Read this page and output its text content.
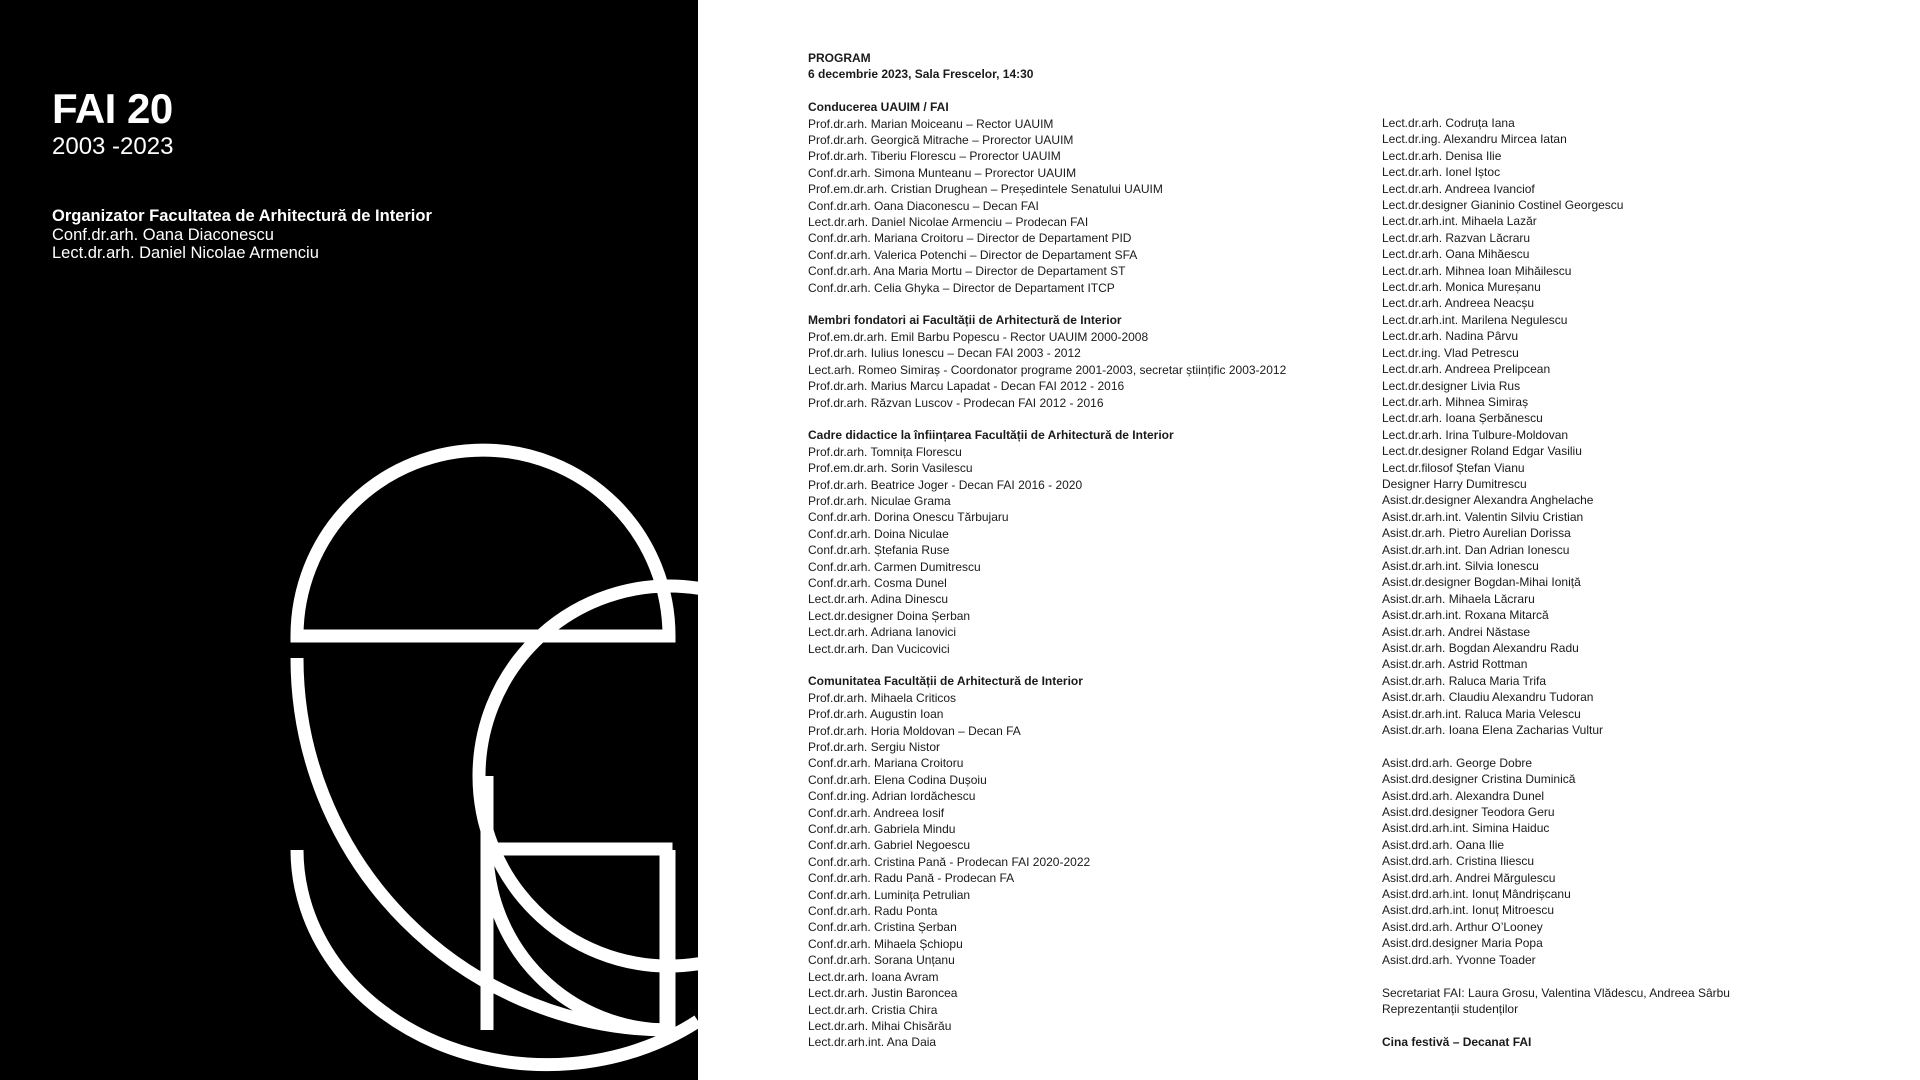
FAI 20
2003 -2023
Organizator Facultatea de Arhitectură de Interior
Conf.dr.arh. Oana Diaconescu
Lect.dr.arh. Daniel Nicolae Armenciu
PROGRAM
6 decembrie 2023, Sala Frescelor, 14:30
Conducerea UAUIM / FAI
Prof.dr.arh. Marian Moiceanu – Rector UAUIM
Prof.dr.arh. Georgică Mitrache – Prorector UAUIM
Prof.dr.arh. Tiberiu Florescu – Prorector UAUIM
Conf.dr.arh. Simona Munteanu – Prorector UAUIM
Prof.em.dr.arh. Cristian Drughean – Președintele Senatului UAUIM
Conf.dr.arh. Oana Diaconescu – Decan FAI
Lect.dr.arh. Daniel Nicolae Armenciu – Prodecan FAI
Conf.dr.arh. Mariana Croitoru – Director de Departament PID
Conf.dr.arh. Valerica Potenchi – Director de Departament SFA
Conf.dr.arh. Ana Maria Mortu – Director de Departament ST
Conf.dr.arh. Celia Ghyka – Director de Departament ITCP
Membri fondatori ai Facultății de Arhitectură de Interior
Prof.em.dr.arh. Emil Barbu Popescu - Rector UAUIM 2000-2008
Prof.dr.arh. Iulius Ionescu – Decan FAI 2003 - 2012
Lect.arh. Romeo Simiraș - Coordonator programe 2001-2003, secretar științific 2003-2012
Prof.dr.arh. Marius Marcu Lapadat - Decan FAI 2012 - 2016
Prof.dr.arh. Răzvan Luscov - Prodecan FAI 2012 - 2016
Cadre didactice la înființarea Facultății de Arhitectură de Interior
Prof.dr.arh. Tomnița Florescu
Prof.em.dr.arh. Sorin Vasilescu
Prof.dr.arh. Beatrice Joger - Decan FAI 2016 - 2020
Prof.dr.arh. Niculae Grama
Conf.dr.arh. Dorina Onescu Tărbujaru
Conf.dr.arh. Doina Niculae
Conf.dr.arh. Ștefania Ruse
Conf.dr.arh. Carmen Dumitrescu
Conf.dr.arh. Cosma Dunel
Lect.dr.arh. Adina Dinescu
Lect.dr.designer Doina Șerban
Lect.dr.arh. Adriana Ianovici
Lect.dr.arh. Dan Vucicovici
Comunitatea Facultății de Arhitectură de Interior
Prof.dr.arh. Mihaela Criticos
Prof.dr.arh. Augustin Ioan
Prof.dr.arh. Horia Moldovan – Decan FA
Prof.dr.arh. Sergiu Nistor
Conf.dr.arh. Mariana Croitoru
Conf.dr.arh. Elena Codina Dușoiu
Conf.dr.ing. Adrian Iordăchescu
Conf.dr.arh. Andreea Iosif
Conf.dr.arh. Gabriela Mindu
Conf.dr.arh. Gabriel Negoescu
Conf.dr.arh. Cristina Pană - Prodecan FAI 2020-2022
Conf.dr.arh. Radu Pană - Prodecan FA
Conf.dr.arh. Luminița Petrulian
Conf.dr.arh. Radu Ponta
Conf.dr.arh. Cristina Șerban
Conf.dr.arh. Mihaela Șchiopu
Conf.dr.arh. Sorana Unțanu
Lect.dr.arh. Ioana Avram
Lect.dr.arh. Justin Baroncea
Lect.dr.arh. Cristia Chira
Lect.dr.arh. Mihai Chisărău
Lect.dr.arh.int. Ana Daia
Lect.dr.arh. Codruța Iana
Lect.dr.ing. Alexandru Mircea Iatan
Lect.dr.arh. Denisa Ilie
Lect.dr.arh. Ionel Iștoc
Lect.dr.arh. Andreea Ivanciof
Lect.dr.designer Gianinio Costinel Georgescu
Lect.dr.arh.int. Mihaela Lazăr
Lect.dr.arh. Razvan Lăcraru
Lect.dr.arh. Oana Mihăescu
Lect.dr.arh. Mihnea Ioan Mihăilescu
Lect.dr.arh. Monica Mureșanu
Lect.dr.arh. Andreea Neacșu
Lect.dr.arh.int. Marilena Negulescu
Lect.dr.arh. Nadina Pârvu
Lect.dr.ing. Vlad Petrescu
Lect.dr.arh. Andreea Prelipcean
Lect.dr.designer Livia Rus
Lect.dr.arh. Mihnea Simiraș
Lect.dr.arh. Ioana Șerbănescu
Lect.dr.arh. Irina Tulbure-Moldovan
Lect.dr.designer Roland Edgar Vasiliu
Lect.dr.filosof Ștefan Vianu
Designer Harry Dumitrescu
Asist.dr.designer Alexandra Anghelache
Asist.dr.arh.int. Valentin Silviu Cristian
Asist.dr.arh. Pietro Aurelian Dorissa
Asist.dr.arh.int. Dan Adrian Ionescu
Asist.dr.arh.int. Silvia Ionescu
Asist.dr.designer Bogdan-Mihai Ioniță
Asist.dr.arh. Mihaela Lăcraru
Asist.dr.arh.int. Roxana Mitarcă
Asist.dr.arh. Andrei Năstase
Asist.dr.arh. Bogdan Alexandru Radu
Asist.dr.arh. Astrid Rottman
Asist.dr.arh. Raluca Maria Trifa
Asist.dr.arh. Claudiu Alexandru Tudoran
Asist.dr.arh.int. Raluca Maria Velescu
Asist.dr.arh. Ioana Elena Zacharias Vultur
Asist.drd.arh. George Dobre
Asist.drd.designer Cristina Duminică
Asist.drd.arh. Alexandra Dunel
Asist.drd.designer Teodora Geru
Asist.drd.arh.int. Simina Haiduc
Asist.drd.arh. Oana Ilie
Asist.drd.arh. Cristina Iliescu
Asist.drd.arh. Andrei Mărgulescu
Asist.drd.arh.int. Ionuț Mândrișcanu
Asist.drd.arh.int. Ionuț Mitroescu
Asist.drd.arh. Arthur O’Looney
Asist.drd.designer Maria Popa
Asist.drd.arh. Yvonne Toader
Secretariat FAI: Laura Grosu, Valentina Vlădescu, Andreea Sârbu
Reprezentanții studenților
Cina festivă – Decanat FAI
